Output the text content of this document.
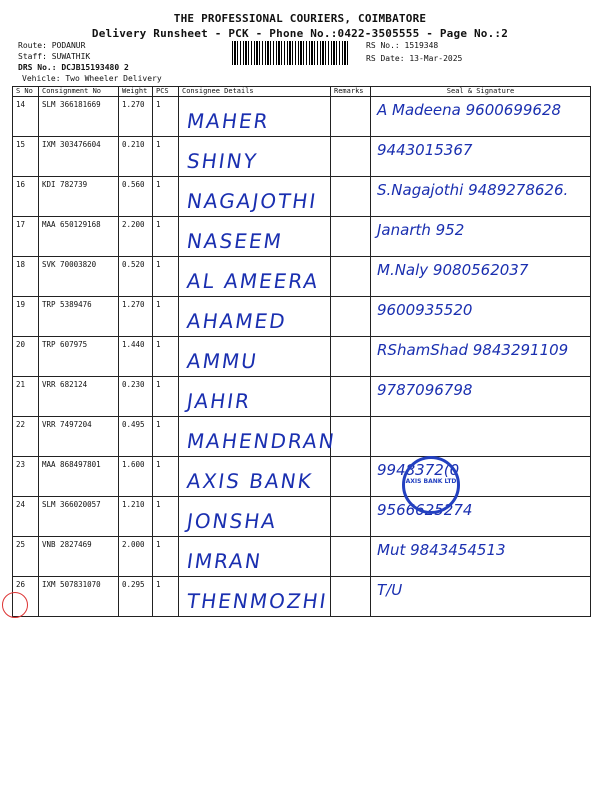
THE PROFESSIONAL COURIERS, COIMBATORE
Delivery Runsheet - PCK - Phone No.:0422-3505555 - Page No.:2
Route: PODANUR
Staff: SUWATHIK
DRS No.: DCJB15193480 2
Vehicle: Two Wheeler Delivery
RS No.: 1519348
RS Date: 13-Mar-2025
S No	Consignment No	Weight	PCS	Consignee Details	Remarks	Seal & Signature
14	SLM 366181669	1.270	1	MAHER		A Madeena 9600699628

15	IXM 303476604	0.210	1	SHINY		9443015367

16	KDI 782739	0.560	1	NAGAJOTHI		S.Nagajothi 9489278626.

17	MAA 650129168	2.200	1	NASEEM		Janarth 952

18	SVK 70003820	0.520	1	AL AMEERA		M.Naly 9080562037

19	TRP 5389476	1.270	1	AHAMED		9600935520

20	TRP 607975	1.440	1	AMMU		RShamShad 9843291109

21	VRR 682124	0.230	1	JAHIR		9787096798

22	VRR 7497204	0.495	1	MAHENDRAN		

23	MAA 868497801	1.600	1	AXIS BANK		9948372(0

24	SLM 366020057	1.210	1	JONSHA		9566625274

25	VNB 2827469	2.000	1	IMRAN		Mut 9843454513

26	IXM 507831070	0.295	1	THENMOZHI		T/U
AXIS BANK LTD
